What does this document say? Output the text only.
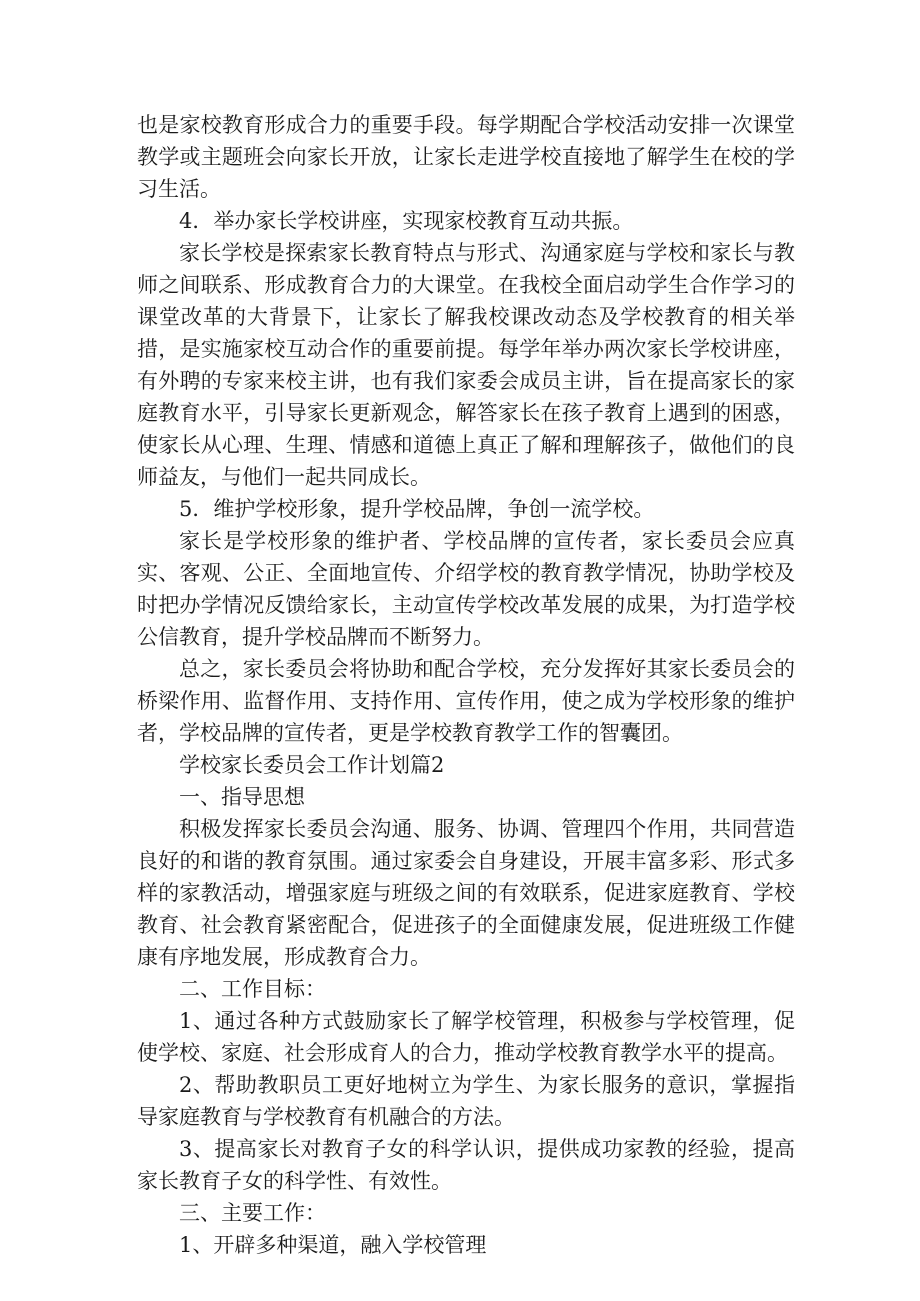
也是家校教育形成合力的重要手段。每学期配合学校活动安排一次课堂教学或主题班会向家长开放，让家长走进学校直接地了解学生在校的学习生活。

4．举办家长学校讲座，实现家校教育互动共振。

家长学校是探索家长教育特点与形式、沟通家庭与学校和家长与教师之间联系、形成教育合力的大课堂。在我校全面启动学生合作学习的课堂改革的大背景下，让家长了解我校课改动态及学校教育的相关举措，是实施家校互动合作的重要前提。每学年举办两次家长学校讲座，有外聘的专家来校主讲，也有我们家委会成员主讲，旨在提高家长的家庭教育水平，引导家长更新观念，解答家长在孩子教育上遇到的困惑，使家长从心理、生理、情感和道德上真正了解和理解孩子，做他们的良师益友，与他们一起共同成长。

5．维护学校形象，提升学校品牌，争创一流学校。

家长是学校形象的维护者、学校品牌的宣传者，家长委员会应真实、客观、公正、全面地宣传、介绍学校的教育教学情况，协助学校及时把办学情况反馈给家长，主动宣传学校改革发展的成果，为打造学校公信教育，提升学校品牌而不断努力。

总之，家长委员会将协助和配合学校，充分发挥好其家长委员会的桥梁作用、监督作用、支持作用、宣传作用，使之成为学校形象的维护者，学校品牌的宣传者，更是学校教育教学工作的智囊团。

学校家长委员会工作计划篇2

一、指导思想

积极发挥家长委员会沟通、服务、协调、管理四个作用，共同营造良好的和谐的教育氛围。通过家委会自身建设，开展丰富多彩、形式多样的家教活动，增强家庭与班级之间的有效联系，促进家庭教育、学校教育、社会教育紧密配合，促进孩子的全面健康发展，促进班级工作健康有序地发展，形成教育合力。

二、工作目标：

1、通过各种方式鼓励家长了解学校管理，积极参与学校管理，促使学校、家庭、社会形成育人的合力，推动学校教育教学水平的提高。

2、帮助教职员工更好地树立为学生、为家长服务的意识，掌握指导家庭教育与学校教育有机融合的方法。

3、提高家长对教育子女的科学认识，提供成功家教的经验，提高家长教育子女的科学性、有效性。

三、主要工作：

1、开辟多种渠道，融入学校管理
